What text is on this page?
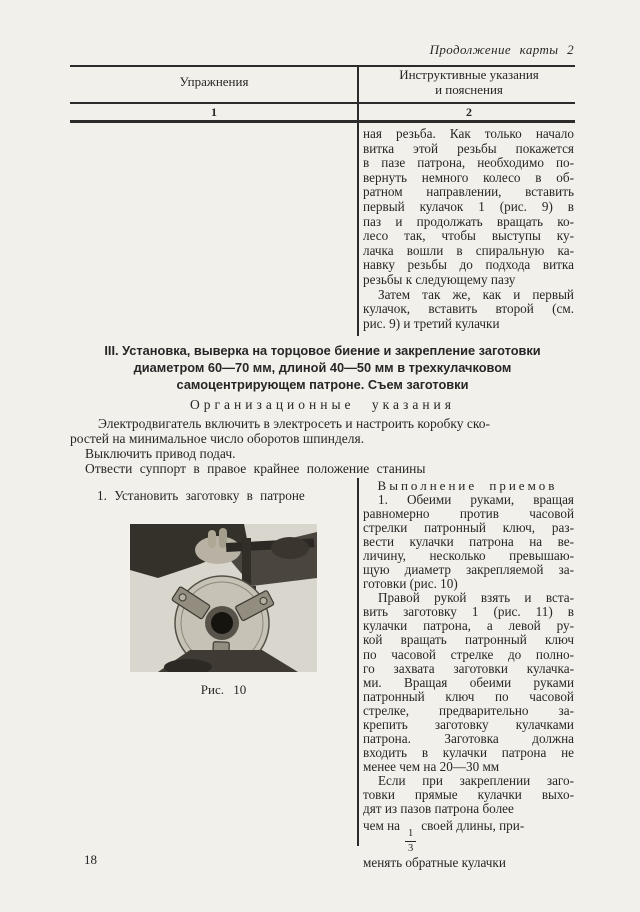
Продолжение карты 2
Упражнения	Инструктивные указания
и пояснения
1	2
ная резьба. Как только начало
витка этой резьбы покажется
в пазе патрона, необходимо по-
вернуть немного колесо в об-
ратном направлении, вставить
первый кулачок 1 (рис. 9) в
паз и продолжать вращать ко-
лесо так, чтобы выступы ку-
лачка вошли в спиральную ка-
навку резьбы до подхода витка
резьбы к следующему пазу
Затем так же, как и первый
кулачок, вставить второй (см.
рис. 9) и третий кулачки
III. Установка, выверка на торцовое биение и закрепление заготовки
диаметром 60—70 мм, длиной 40—50 мм в трехкулачковом
самоцентрирующем патроне. Съем заготовки
Организационные указания
Электродвигатель включить в электросеть и настроить коробку ско-
ростей на минимальное число оборотов шпинделя.
Выключить привод подач.
Отвести суппорт в правое крайнее положение станины
Выполнение приемов
1. Установить заготовку в патроне
Рис. 10
1. Обеими руками, вращая
равномерно против часовой
стрелки патронный ключ, раз-
вести кулачки патрона на ве-
личину, несколько превышаю-
щую диаметр закрепляемой за-
готовки (рис. 10)
Правой рукой взять и вста-
вить заготовку 1 (рис. 11) в
кулачки патрона, а левой ру-
кой вращать патронный ключ
по часовой стрелке до полно-
го захвата заготовки кулачка-
ми. Вращая обеими руками
патронный ключ по часовой
стрелке, предварительно за-
крепить заготовку кулачками
патрона. Заготовка должна
входить в кулачки патрона не
менее чем на 20—30 мм
Если при закреплении заго-
товки прямые кулачки выхо-
дят из пазов патрона более
чем на
$\frac{1}{3}$
своей длины, при-
менять обратные кулачки
18
